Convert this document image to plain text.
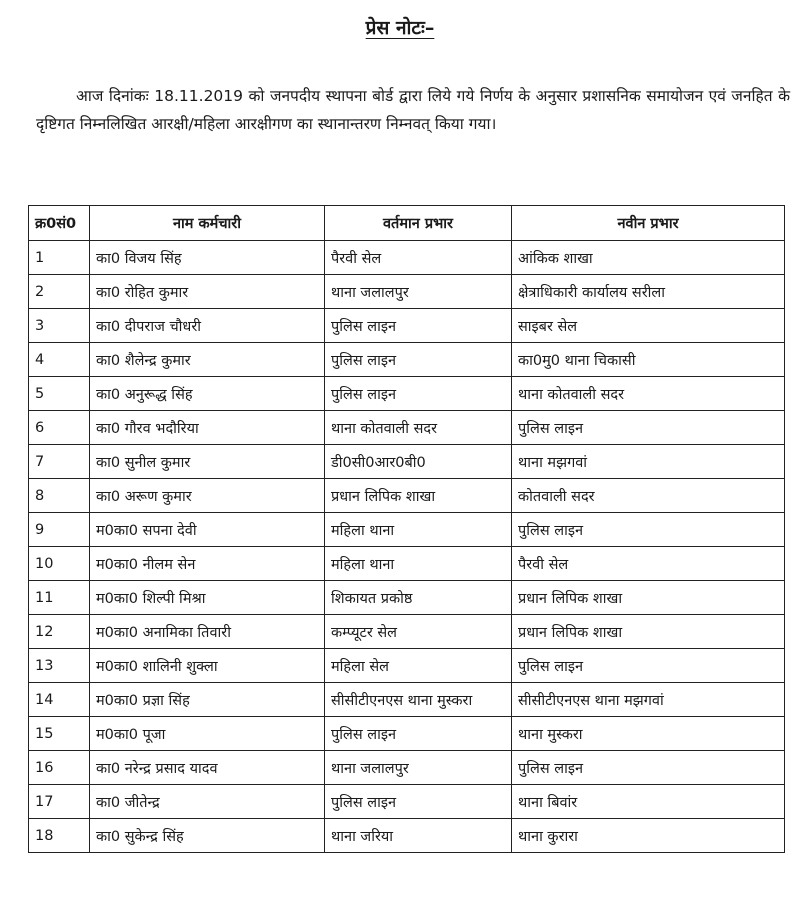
प्रेस नोटः–
आज दिनांकः 18.11.2019 को जनपदीय स्थापना बोर्ड द्वारा लिये गये निर्णय के अनुसार प्रशासनिक समायोजन एवं जनहित के दृष्टिगत निम्नलिखित आरक्षी/महिला आरक्षीगण का स्थानान्तरण निम्नवत् किया गया।
क्र0सं0	नाम कर्मचारी	वर्तमान प्रभार	नवीन प्रभार
1	का0 विजय सिंह	पैरवी सेल	आंकिक शाखा
2	का0 रोहित कुमार	थाना जलालपुर	क्षेत्राधिकारी कार्यालय सरीला
3	का0 दीपराज चौधरी	पुलिस लाइन	साइबर सेल
4	का0 शैलेन्द्र कुमार	पुलिस लाइन	का0मु0 थाना चिकासी
5	का0 अनुरूद्ध सिंह	पुलिस लाइन	थाना कोतवाली सदर
6	का0 गौरव भदौरिया	थाना कोतवाली सदर	पुलिस लाइन
7	का0 सुनील कुमार	डी0सी0आर0बी0	थाना मझगवां
8	का0 अरूण कुमार	प्रधान लिपिक शाखा	कोतवाली सदर
9	म0का0 सपना देवी	महिला थाना	पुलिस लाइन
10	म0का0 नीलम सेन	महिला थाना	पैरवी सेल
11	म0का0 शिल्पी मिश्रा	शिकायत प्रकोष्ठ	प्रधान लिपिक शाखा
12	म0का0 अनामिका तिवारी	कम्प्यूटर सेल	प्रधान लिपिक शाखा
13	म0का0 शालिनी शुक्ला	महिला सेल	पुलिस लाइन
14	म0का0 प्रज्ञा सिंह	सीसीटीएनएस थाना मुस्करा	सीसीटीएनएस थाना मझगवां
15	म0का0 पूजा	पुलिस लाइन	थाना मुस्करा
16	का0 नरेन्द्र प्रसाद यादव	थाना जलालपुर	पुलिस लाइन
17	का0 जीतेन्द्र	पुलिस लाइन	थाना बिवांर
18	का0 सुकेन्द्र सिंह	थाना जरिया	थाना कुरारा
